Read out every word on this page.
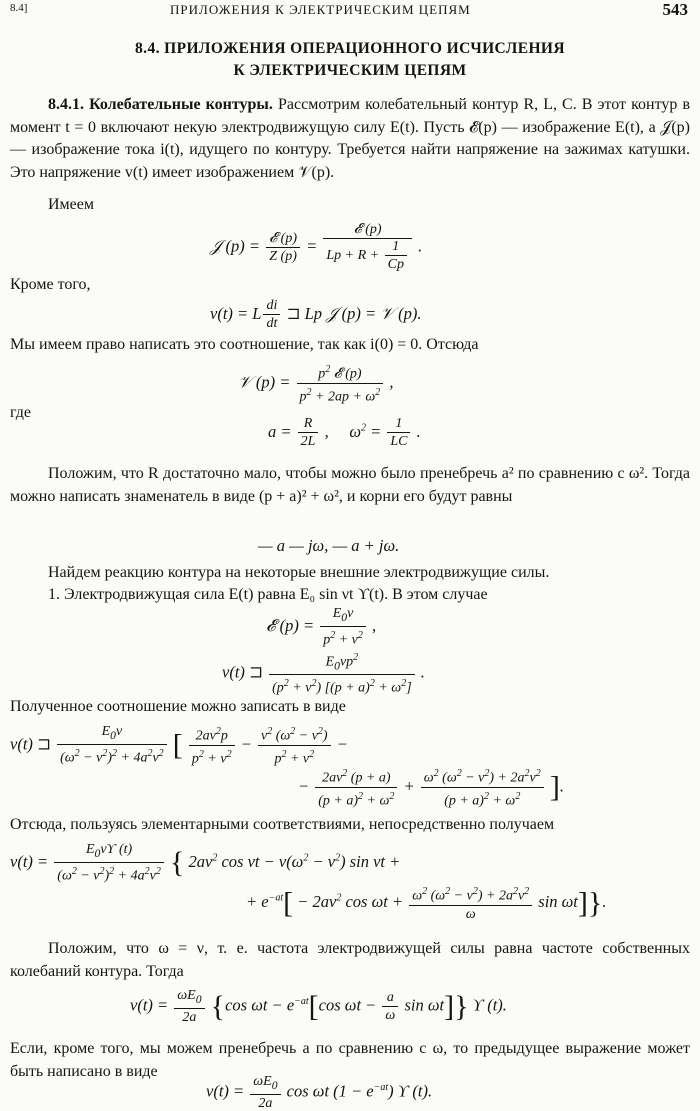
8.4]	ПРИЛОЖЕНИЯ К ЭЛЕКТРИЧЕСКИМ ЦЕПЯМ	543
8.4. ПРИЛОЖЕНИЯ ОПЕРАЦИОННОГО ИСЧИСЛЕНИЯ
К ЭЛЕКТРИЧЕСКИМ ЦЕПЯМ
8.4.1. Колебательные контуры. Рассмотрим колебательный контур R, L, C. В этот контур в момент t = 0 включают некую электродвижущую силу E(t). Пусть 𝓔(p) — изображение E(t), а 𝒥(p) — изображение тока i(t), идущего по контуру. Требуется найти напряжение на зажимах катушки. Это напряжение v(t) имеет изображением 𝒱(p).
Имеем
𝒥 $(p) = \frac{\text{𝓔 (p)}}{Z (p)} = \frac{\text{𝓔 (p)}}{Lp + R + \frac{1}{Cp}}$ .
Кроме того,
v(t) = L $\frac{di}{dt}$ ⊐ Lp 𝒥 (p) = 𝒱 (p).
Мы имеем право написать это соотношение, так как i(0) = 0. Отсюда
𝒱 $(p) = \frac{p^2 𝓔 (p)}{p^2 + 2ap + \omega^2}$ ,
где
$a = \frac{R}{2L}$ ,     $\omega^2 = \frac{1}{LC}$ .
Положим, что R достаточно мало, чтобы можно было пренебречь a² по сравнению с ω². Тогда можно написать знаменатель в виде (p + a)² + ω², и корни его будут равны
— a — jω, — a + jω.
Найдем реакцию контура на некоторые внешние электродвижущие силы.
1. Электродвижущая сила E(t) равна E₀ sin νt ϒ(t). В этом случае
𝓔 $(p) = \frac{E_0\nu}{p^2 + \nu^2}$ ,
v(t) ⊐ $\frac{E_0\nu p^2}{(p^2 + \nu^2) [(p + a)^2 + \omega^2]}$ .
Полученное соотношение можно записать в виде
v(t) ⊐ $\frac{E_0\nu}{(\omega^2 - \nu^2)^2 + 4a^2\nu^2}$ [ $\frac{2a\nu^2p}{p^2 + \nu^2} - \frac{\nu^2 (\omega^2 - \nu^2)}{p^2 + \nu^2}$ −
− $\frac{2a\nu^2 (p + a)}{(p + a)^2 + \omega^2} + \frac{\omega^2 (\omega^2 - \nu^2) + 2a^2\nu^2}{(p + a)^2 + \omega^2}$ ].
Отсюда, пользуясь элементарными соответствиями, непосредственно получаем
$v(t) = \frac{E_0\nu ϒ (t)}{(\omega^2 - \nu^2)^2 + 4a^2\nu^2}$ { $2a\nu^2$ $\cos \nu t - \nu(\omega^2 - \nu^2)$ sin νt +
+ $e^{-at}[ - 2a\nu^2$ $\cos \omega t + \frac{\omega^2 (\omega^2 - \nu^2) + 2a^2\nu^2}{\omega}$ sin ωt]}.
Положим, что ω = ν, т. е. частота электродвижущей силы равна частоте собственных колебаний контура. Тогда
$v(t) = \frac{\omega E_0}{2a} \{\cos$ $\omega t - e^{-at}[\cos$ $\omega t - \frac{a}{\omega}$ sin ωt]} ϒ (t).
Если, кроме того, мы можем пренебречь a по сравнению с ω, то предыдущее выражение может быть написано в виде
$v(t) = \frac{\omega E_0}{2a}$ cos ωt $(1 - e^{-at})$ ϒ (t).
